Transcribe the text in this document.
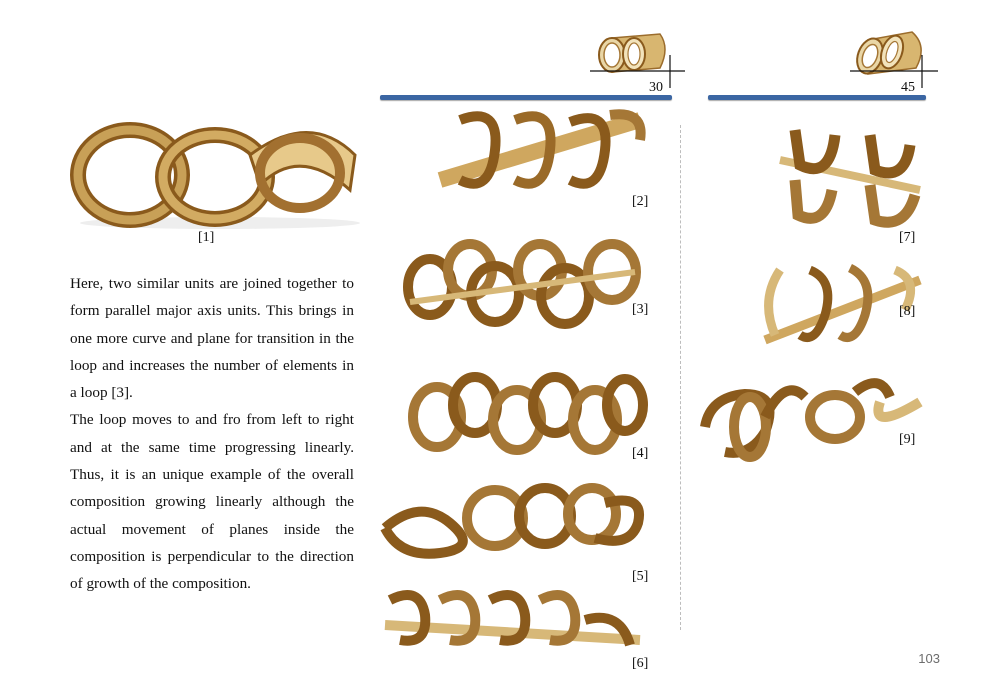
30	45
[1]
[2]
[3]
[4]
[5]
[6]
[7]
[8]
[9]

Here, two similar units are joined together to form parallel major axis units. This brings in one more curve and plane for transition in the loop and increases the number of elements in a loop [3].

The loop moves to and fro from left to right and at the same time progressing linearly. Thus, it is an unique example of the overall composition growing linearly although the actual movement of planes inside the composition is perpendicular to the direction of growth of the composition.

103
